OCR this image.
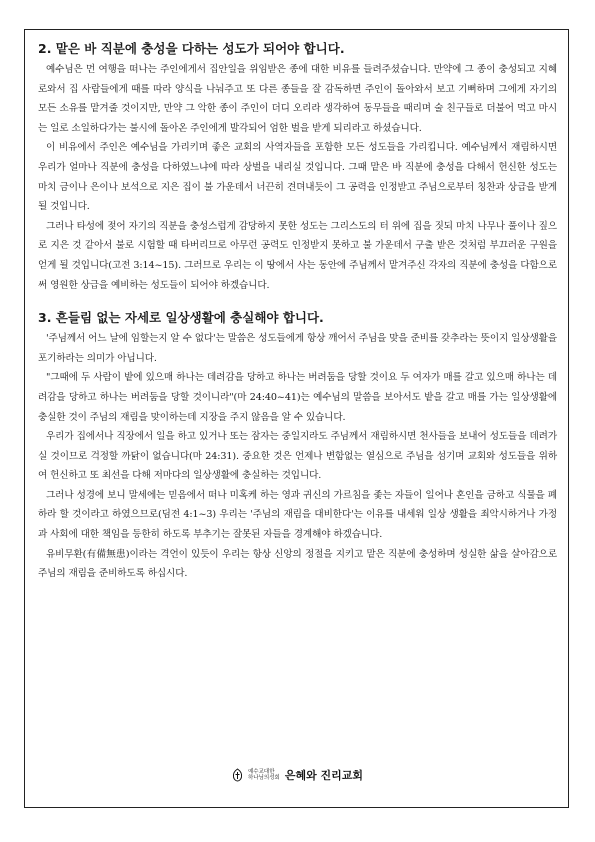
2. 맡은 바 직분에 충성을 다하는 성도가 되어야 합니다.

예수님은 먼 여행을 떠나는 주인에게서 집안일을 위임받은 종에 대한 비유를 들려주셨습니다. 만약에 그 종이 충성되고 지혜로와서 집 사람들에게 때를 따라 양식을 나눠주고 또 다른 종들을 잘 감독하면 주인이 돌아와서 보고 기뻐하며 그에게 자기의 모든 소유를 맡겨줄 것이지만, 만약 그 악한 종이 주인이 더디 오리라 생각하여 동무들을 때리며 술 친구들로 더불어 먹고 마시는 일로 소일하다가는 불시에 돌아온 주인에게 발각되어 엄한 벌을 받게 되리라고 하셨습니다.

이 비유에서 주인은 예수님을 가리키며 좋은 교회의 사역자들을 포함한 모든 성도들을 가리킵니다. 예수님께서 재림하시면 우리가 얼마나 직분에 충성을 다하였느냐에 따라 상벌을 내리실 것입니다. 그때 맡은 바 직분에 충성을 다해서 헌신한 성도는 마치 금이나 은이나 보석으로 지은 집이 불 가운데서 너끈히 견뎌내듯이 그 공력을 인정받고 주님으로부터 칭찬과 상급을 받게 될 것입니다.

그러나 타성에 젖어 자기의 직분을 충성스럽게 감당하지 못한 성도는 그리스도의 터 위에 집을 짓되 마치 나무나 풀이나 짚으로 지은 것 같아서 불로 시험할 때 타버리므로 아무런 공력도 인정받지 못하고 불 가운데서 구출 받은 것처럼 부끄러운 구원을 얻게 될 것입니다(고전 3:14~15). 그러므로 우리는 이 땅에서 사는 동안에 주님께서 맡겨주신 각자의 직분에 충성을 다함으로써 영원한 상급을 예비하는 성도들이 되어야 하겠습니다.

3. 흔들림 없는 자세로 일상생활에 충실해야 합니다.

'주님께서 어느 날에 임할는지 알 수 없다'는 말씀은 성도들에게 항상 깨어서 주님을 맞을 준비를 갖추라는 뜻이지 일상생활을 포기하라는 의미가 아닙니다.

"그때에 두 사람이 밭에 있으매 하나는 데려감을 당하고 하나는 버려둠을 당할 것이요 두 여자가 매를 갈고 있으매 하나는 데려감을 당하고 하나는 버려둠을 당할 것이니라"(마 24:40~41)는 예수님의 말씀을 보아서도 밭을 갈고 매를 가는 일상생활에 충실한 것이 주님의 재림을 맞이하는데 지장을 주지 않음을 알 수 있습니다.

우리가 집에서나 직장에서 일을 하고 있거나 또는 잠자는 중일지라도 주님께서 재림하시면 천사들을 보내어 성도들을 데려가실 것이므로 걱정할 까닭이 없습니다(마 24:31). 중요한 것은 언제나 변함없는 열심으로 주님을 섬기며 교회와 성도들을 위하여 헌신하고 또 최선을 다해 저마다의 일상생활에 충실하는 것입니다.

그러나 성경에 보니 말세에는 믿음에서 떠나 미혹케 하는 영과 귀신의 가르침을 좇는 자들이 일어나 혼인을 금하고 식물을 폐하라 할 것이라고 하였으므로(딤전 4:1~3) 우리는 '주님의 재림을 대비한다'는 이유를 내세워 일상 생활을 죄악시하거나 가정과 사회에 대한 책임을 등한히 하도록 부추기는 잘못된 자들을 경계해야 하겠습니다.

유비무환(有備無患)이라는 격언이 있듯이 우리는 항상 신앙의 정절을 지키고 맡은 직분에 충성하며 성실한 삶을 살아감으로 주님의 재림을 준비하도록 하십시다.

예수교대한
하나님의성회 은혜와 진리교회
